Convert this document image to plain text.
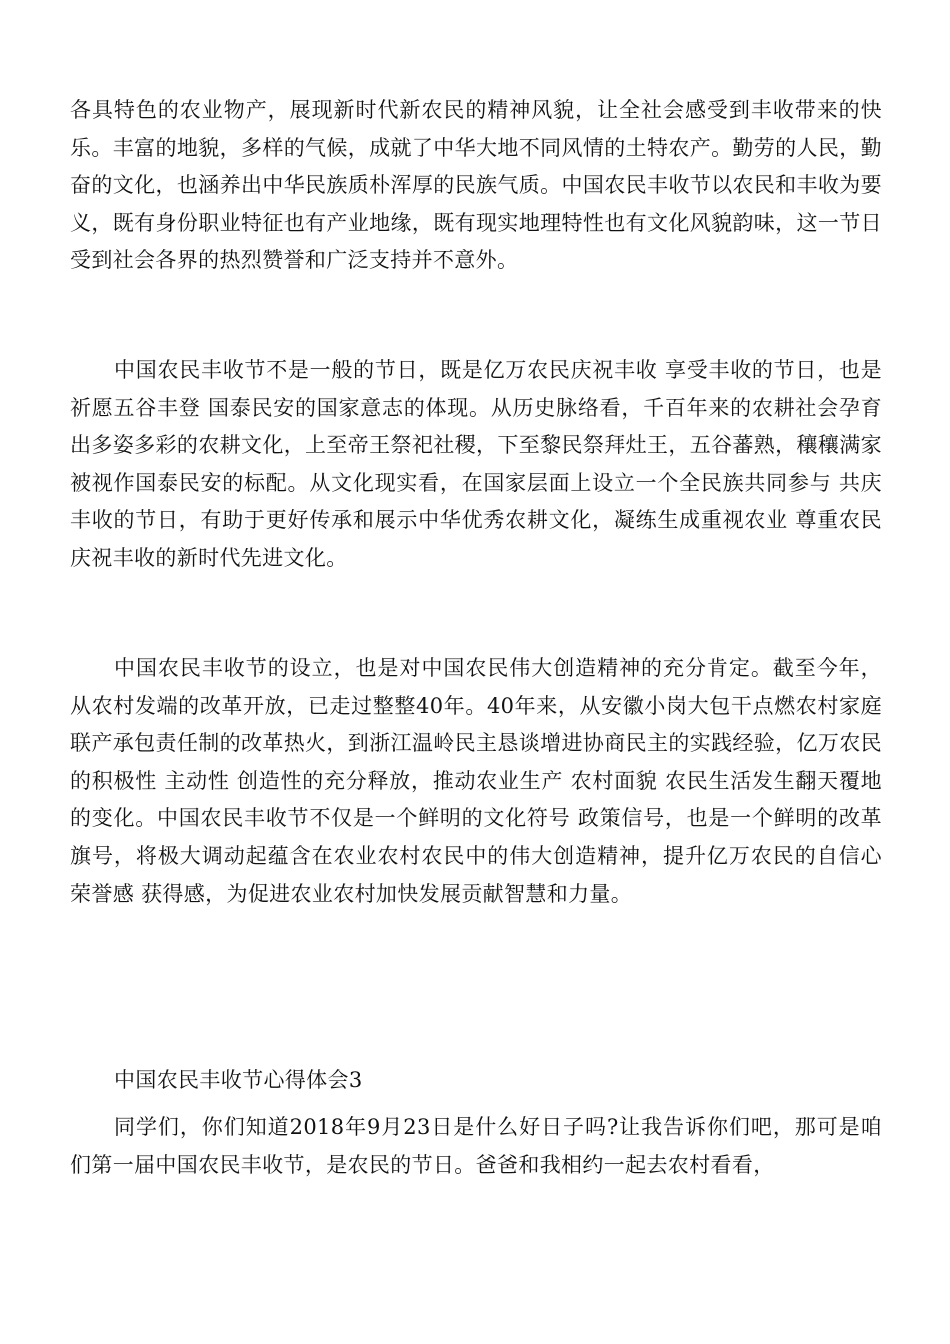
各具特色的农业物产，展现新时代新农民的精神风貌，让全社会感受到丰收带来的快乐。丰富的地貌，多样的气候，成就了中华大地不同风情的土特农产。勤劳的人民，勤奋的文化，也涵养出中华民族质朴浑厚的民族气质。中国农民丰收节以农民和丰收为要义，既有身份职业特征也有产业地缘，既有现实地理特性也有文化风貌韵味，这一节日受到社会各界的热烈赞誉和广泛支持并不意外。

中国农民丰收节不是一般的节日，既是亿万农民庆祝丰收 享受丰收的节日，也是祈愿五谷丰登 国泰民安的国家意志的体现。从历史脉络看，千百年来的农耕社会孕育出多姿多彩的农耕文化，上至帝王祭祀社稷，下至黎民祭拜灶王，五谷蕃熟，穰穰满家被视作国泰民安的标配。从文化现实看，在国家层面上设立一个全民族共同参与 共庆丰收的节日，有助于更好传承和展示中华优秀农耕文化，凝练生成重视农业 尊重农民 庆祝丰收的新时代先进文化。

中国农民丰收节的设立，也是对中国农民伟大创造精神的充分肯定。截至今年，从农村发端的改革开放，已走过整整40年。40年来，从安徽小岗大包干点燃农村家庭联产承包责任制的改革热火，到浙江温岭民主恳谈增进协商民主的实践经验，亿万农民的积极性 主动性 创造性的充分释放，推动农业生产 农村面貌 农民生活发生翻天覆地的变化。中国农民丰收节不仅是一个鲜明的文化符号 政策信号，也是一个鲜明的改革旗号，将极大调动起蕴含在农业农村农民中的伟大创造精神，提升亿万农民的自信心 荣誉感 获得感，为促进农业农村加快发展贡献智慧和力量。

中国农民丰收节心得体会3

同学们，你们知道2018年9月23日是什么好日子吗?让我告诉你们吧，那可是咱们第一届中国农民丰收节，是农民的节日。爸爸和我相约一起去农村看看，
